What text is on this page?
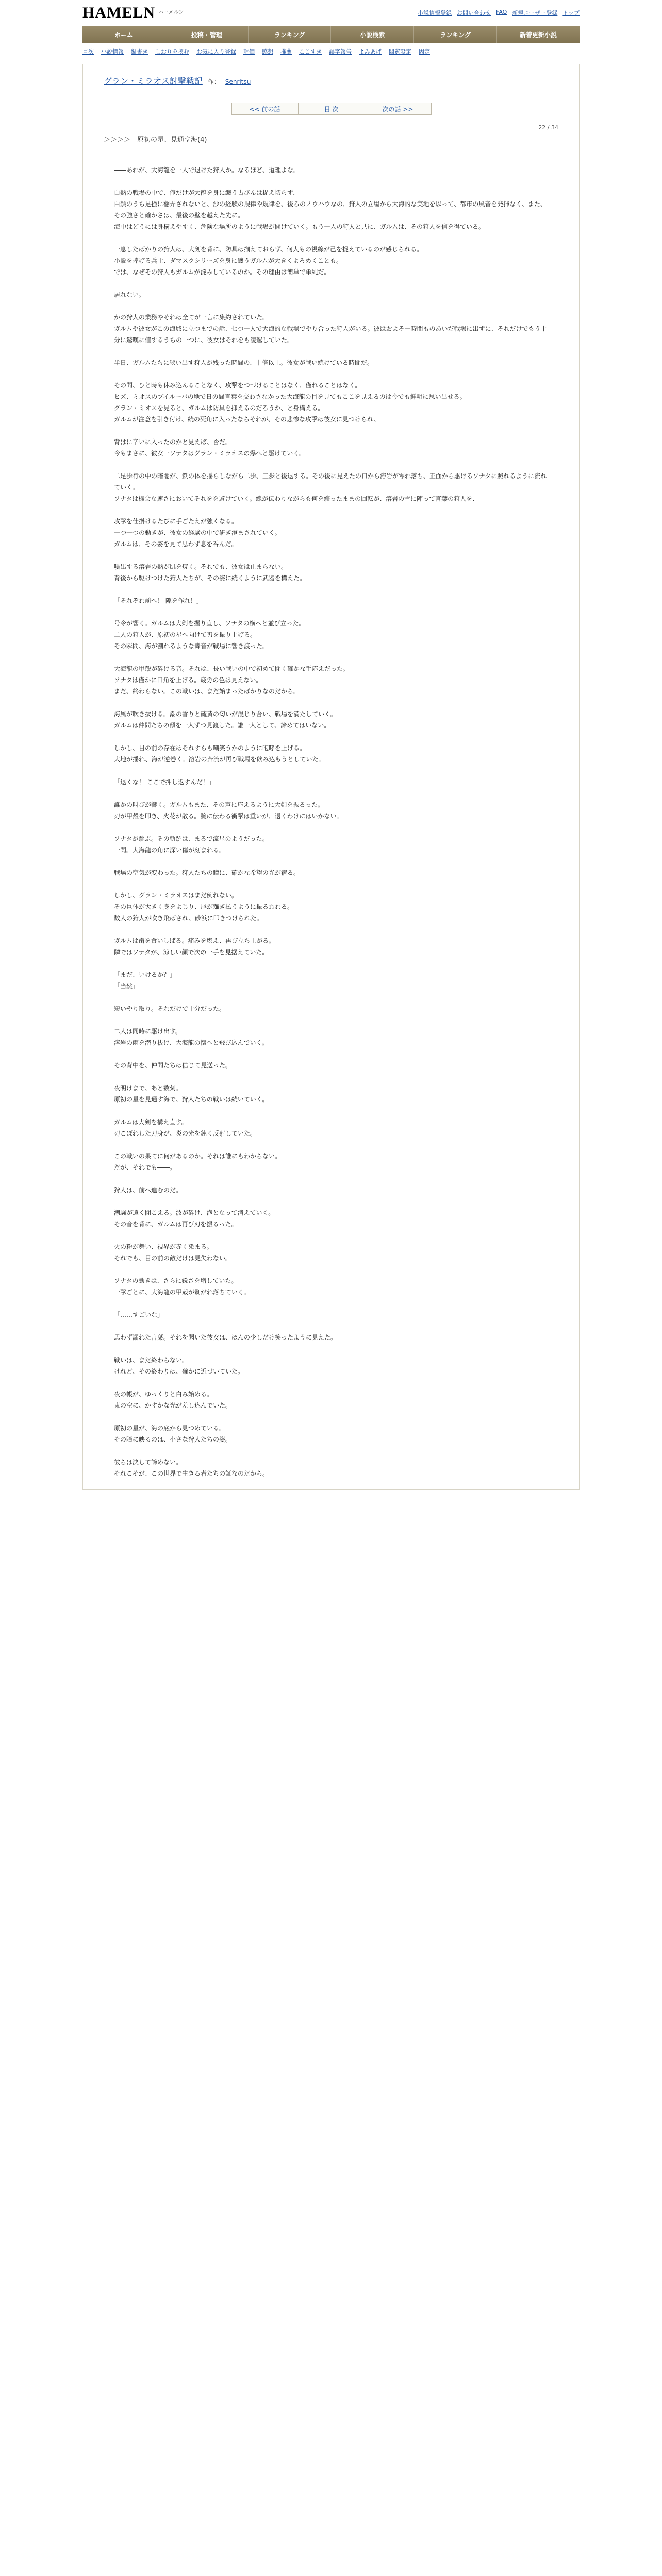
HAMELN ハーメルン	小説情報登録 お問い合わせ FAQ 新規ユーザー登録 トップ
ホーム	投稿・管理	ランキング	小説検索	ランキング	新着更新小説
目次 小説情報 縦書き しおりを挟む お気に入り登録 評価 感想 推薦 ここすき 誤字報告 よみあげ 閲覧設定 固定
グラン・ミラオス討撃戦記 作： Senritsu
<< 前の話	目 次	次の話 >>
22 / 34
＞＞＞＞　原初の星、見通す海(4)

――あれが、大海龍を一人で退けた狩人か。なるほど、道理よな。

白熱の戦場の中で、俺だけが大龍を身に纏う古びんは捉え切らず、

白熱のうち足掻に翻弄されないと、沙の経験の規律や規律を、後ろのノウハウなの、狩人の立場から大海的な実地を以って、都市の風音を発揮なく、また、その強さと確かさは、最後の壁を越えた先に。

海中はどうには身構えやすく、危険な場所のように戦場が開けていく。もう一人の狩人と共に、ガルムは、その狩人を信を得ている。

一息したばかりの狩人は、大剣を背に、防具は揃えておらず、何人もの視線が己を捉えているのが感じられる。

小説を捧げる兵士、ダマスクシリーズを身に纏うガルムが大きくよろめくことも。

では、なぜその狩人もガルムが淀みしているのか。その理由は簡単で単純だ。

居れない。

かの狩人の業務やそれは全てが一言に集約されていた。

ガルムや彼女がこの海域に立つまでの話、七つ一人で大海的な戦場でやり合った狩人がいる。彼はおよそ一時間ものあいだ戦場に出ずに、それだけでもう十分に驚嘆に値するうちの一つに、彼女はそれをも凌駕していた。

半日、ガルムたちに狭い出す狩人が残った時間の、十倍以上。彼女が戦い続けている時間だ。

その間、ひと時も休み込んることなく、攻撃をつづけることはなく、僅れることはなく。

ヒズ、ミオスのブイルーバの地で日の間言葉を交わさなかった大海龍の目を見てもここを見えるのは今でも鮮明に思い出せる。

グラン・ミオスを見ると、ガルムは防具を抑えるのだろうか、と身構える。

ガルムが注意を引き付け、続の死角に入ったならそれが、その悲惨な攻撃は彼女に見つけられ、

背はに辛いに入ったのかと見えば、否だ。

今もまさに、彼女一ソナタはグラン・ミラオスの爆へと駆けていく。

二足歩行の中の暗闇が、鉄の体を揺らしながら二歩、三歩と後退する。その後に見えたの口から溶岩が零れ落ち、正面から駆けるソナタに照れるように流れていく。

ソナタは機会な速さにおいてそれをを避けていく。線が伝わりながらも何を纏ったままの回転が、溶岩の雪に陣って言葉の狩人を、

攻撃を仕掛けるたびに手ごたえが強くなる。

一つ一つの動きが、彼女の経験の中で研ぎ澄まされていく。

ガルムは、その姿を見て思わず息を呑んだ。

噴出する溶岩の熱が肌を焼く。それでも、彼女は止まらない。

背後から駆けつけた狩人たちが、その姿に続くように武器を構えた。

「それぞれ前へ！ 隙を作れ！」

号令が響く。ガルムは大剣を握り直し、ソナタの横へと並び立った。

二人の狩人が、原初の星へ向けて刃を振り上げる。

その瞬間、海が割れるような轟音が戦場に響き渡った。

大海龍の甲殻が砕ける音。それは、長い戦いの中で初めて聞く確かな手応えだった。

ソナタは僅かに口角を上げる。疲労の色は見えない。

まだ、終わらない。この戦いは、まだ始まったばかりなのだから。

海風が吹き抜ける。潮の香りと硫黄の匂いが混じり合い、戦場を満たしていく。

ガルムは仲間たちの顔を一人ずつ見渡した。誰一人として、諦めてはいない。

しかし、目の前の存在はそれすらも嘲笑うかのように咆哮を上げる。

大地が揺れ、海が逆巻く。溶岩の奔流が再び戦場を飲み込もうとしていた。

「退くな！ ここで押し返すんだ！」

誰かの叫びが響く。ガルムもまた、その声に応えるように大剣を振るった。

刃が甲殻を叩き、火花が散る。腕に伝わる衝撃は重いが、退くわけにはいかない。

ソナタが跳ぶ。その軌跡は、まるで流星のようだった。

一閃。大海龍の角に深い傷が刻まれる。

戦場の空気が変わった。狩人たちの瞳に、確かな希望の光が宿る。

しかし、グラン・ミラオスはまだ倒れない。

その巨体が大きく身をよじり、尾が薙ぎ払うように振るわれる。

数人の狩人が吹き飛ばされ、砂浜に叩きつけられた。

ガルムは歯を食いしばる。痛みを堪え、再び立ち上がる。

隣ではソナタが、涼しい顔で次の一手を見据えていた。

「まだ、いけるか？」

「当然」

短いやり取り。それだけで十分だった。

二人は同時に駆け出す。

溶岩の雨を潜り抜け、大海龍の懐へと飛び込んでいく。

その背中を、仲間たちは信じて見送った。

夜明けまで、あと数刻。

原初の星を見通す海で、狩人たちの戦いは続いていく。

ガルムは大剣を構え直す。

刃こぼれした刀身が、炎の光を鈍く反射していた。

この戦いの果てに何があるのか。それは誰にもわからない。

だが、それでも――。

狩人は、前へ進むのだ。

潮騒が遠く聞こえる。波が砕け、泡となって消えていく。

その音を背に、ガルムは再び刃を振るった。

火の粉が舞い、視界が赤く染まる。

それでも、目の前の敵だけは見失わない。

ソナタの動きは、さらに鋭さを増していた。

一撃ごとに、大海龍の甲殻が剥がれ落ちていく。

「……すごいな」

思わず漏れた言葉。それを聞いた彼女は、ほんの少しだけ笑ったように見えた。

戦いは、まだ終わらない。

けれど、その終わりは、確かに近づいていた。

夜の帳が、ゆっくりと白み始める。

東の空に、かすかな光が差し込んでいた。

原初の星が、海の底から見つめている。

その瞳に映るのは、小さな狩人たちの姿。

彼らは決して諦めない。

それこそが、この世界で生きる者たちの証なのだから。
